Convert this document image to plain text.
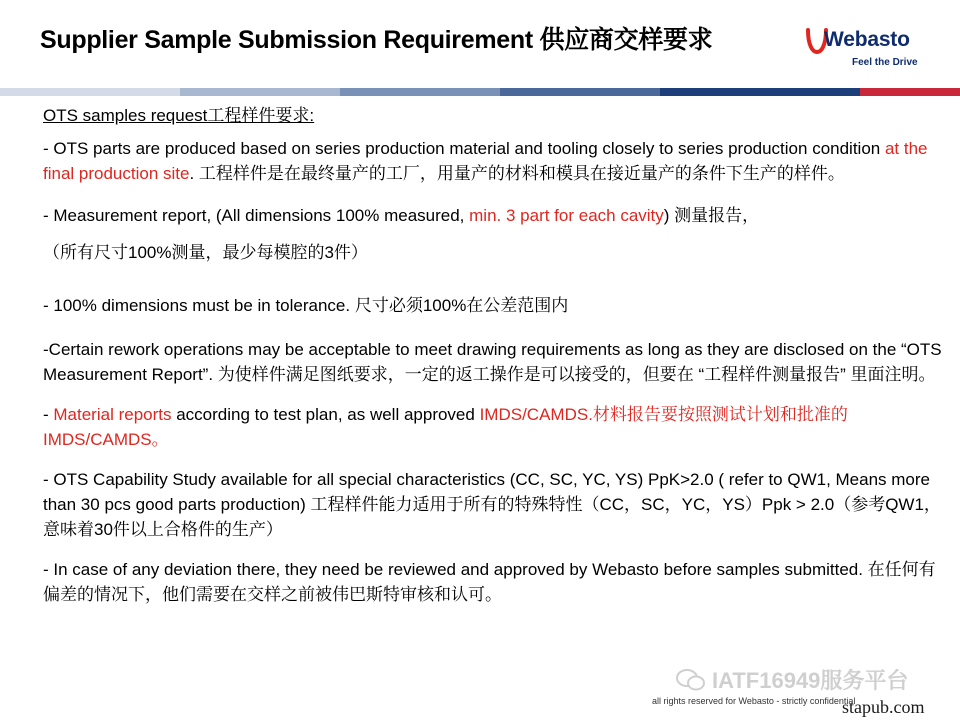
Supplier Sample Submission Requirement 供应商交样要求	Webasto
Feel the Drive

OTS samples request工程样件要求:

- OTS parts are produced based on series production material and tooling closely to series production condition at the final production site. 工程样件是在最终量产的工厂，用量产的材料和模具在接近量产的条件下生产的样件。

- Measurement report, (All dimensions 100% measured, min. 3 part for each cavity) 测量报告，

（所有尺寸100%测量，最少每模腔的3件）

- 100% dimensions must be in tolerance. 尺寸必须100%在公差范围内

-Certain rework operations may be acceptable to meet drawing requirements as long as they are disclosed on the “OTS Measurement Report”. 为使样件满足图纸要求，一定的返工操作是可以接受的，但要在 “工程样件测量报告” 里面注明。

- Material reports according to test plan, as well approved IMDS/CAMDS.材料报告要按照测试计划和批准的IMDS/CAMDS。

- OTS Capability Study available for all special characteristics (CC, SC, YC, YS) PpK>2.0 ( refer to QW1, Means more than 30 pcs good parts production) 工程样件能力适用于所有的特殊特性（CC，SC，YC，YS）Ppk > 2.0（参考QW1，意味着30件以上合格件的生产）

- In case of any deviation there, they need be reviewed and approved by Webasto before samples submitted. 在任何有偏差的情况下，他们需要在交样之前被伟巴斯特审核和认可。

IATF16949服务平台
all rights reserved for Webasto - strictly confidential
stapub.com
